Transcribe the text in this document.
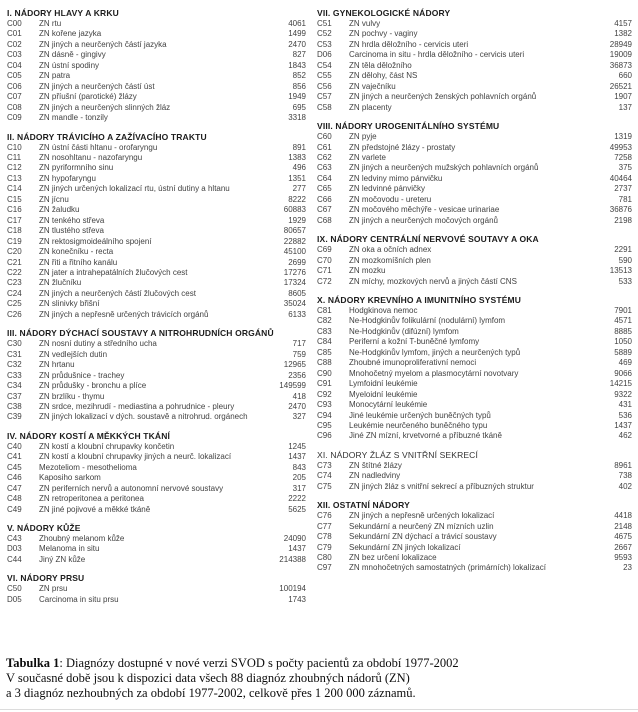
I. NÁDORY HLAVY A KRKU
C00	ZN rtu	4061
C01	ZN kořene jazyka	1499
C02	ZN jiných a neurčených částí jazyka	2470
C03	ZN dásně - gingivy	827
C04	ZN ústní spodiny	1843
C05	ZN patra	852
C06	ZN jiných a neurčených částí úst	856
C07	ZN příušní (parotické) žlázy	1949
C08	ZN jiných a neurčených slinných žláz	695
C09	ZN mandle - tonzily	3318
II. NÁDORY TRÁVICÍHO A ZAŽÍVACÍHO TRAKTU
C10	ZN ústní části hltanu - orofaryngu	891
C11	ZN nosohltanu - nazofaryngu	1383
C12	ZN pyriformního sinu	496
C13	ZN hypofaryngu	1351
C14	ZN jiných určených lokalizací rtu, ústní dutiny a hltanu	277
C15	ZN jícnu	8222
C16	ZN žaludku	60883
C17	ZN tenkého střeva	1929
C18	ZN tlustého střeva	80657
C19	ZN rektosigmoideálního spojení	22882
C20	ZN konečníku - recta	45100
C21	ZN řiti a řitního kanálu	2699
C22	ZN jater a intrahepatálních žlučových cest	17276
C23	ZN žlučníku	17324
C24	ZN jiných a neurčených částí žlučových cest	8605
C25	ZN slinivky břišní	35024
C26	ZN jiných a nepřesně určených trávicích orgánů	6133
III. NÁDORY DÝCHACÍ SOUSTAVY A NITROHRUDNÍCH ORGÁNŮ
C30	ZN nosní dutiny a středního ucha	717
C31	ZN vedlejších dutin	759
C32	ZN hrtanu	12965
C33	ZN průdušnice - trachey	2356
C34	ZN průdušky - bronchu a plíce	149599
C37	ZN brzlíku - thymu	418
C38	ZN srdce, mezihrudí - mediastina a pohrudnice - pleury	2470
C39	ZN jiných lokalizací v dých. soustavě a nitrohrud. orgánech	327
IV. NÁDORY KOSTÍ A MĚKKÝCH TKÁNÍ
C40	ZN kostí a kloubní chrupavky končetin	1245
C41	ZN kostí a kloubní chrupavky jiných a neurč. lokalizací	1437
C45	Mezoteliom - mesothelioma	843
C46	Kaposiho sarkom	205
C47	ZN periferních nervů a autonomní nervové soustavy	317
C48	ZN retroperitonea a peritonea	2222
C49	ZN jiné pojivové a měkké tkáně	5625
V. NÁDORY KŮŽE
C43	Zhoubný melanom kůže	24090
D03	Melanoma in situ	1437
C44	Jiný ZN kůže	214388
VI. NÁDORY PRSU
C50	ZN prsu	100194
D05	Carcinoma in situ prsu	1743
VII. GYNEKOLOGICKÉ NÁDORY
C51	ZN vulvy	4157
C52	ZN pochvy - vaginy	1382
C53	ZN hrdla děložního - cervicis uteri	28949
D06	Carcinoma in situ - hrdla děložního - cervicis uteri	19009
C54	ZN těla děložního	36873
C55	ZN dělohy, část NS	660
C56	ZN vaječníku	26521
C57	ZN jiných a neurčených ženských pohlavních orgánů	1907
C58	ZN placenty	137
VIII. NÁDORY UROGENITÁLNÍHO SYSTÉMU
C60	ZN pyje	1319
C61	ZN předstojné žlázy - prostaty	49953
C62	ZN varlete	7258
C63	ZN jiných a neurčených mužských pohlavních orgánů	375
C64	ZN ledviny mimo pánvičku	40464
C65	ZN ledvinné pánvičky	2737
C66	ZN močovodu - ureteru	781
C67	ZN močového měchýře - vesicae urinariae	36876
C68	ZN jiných a neurčených močových orgánů	2198
IX. NÁDORY CENTRÁLNÍ NERVOVÉ SOUTAVY A OKA
C69	ZN oka a očních adnex	2291
C70	ZN mozkomíšních plen	590
C71	ZN mozku	13513
C72	ZN míchy, mozkových nervů a jiných částí CNS	533
X. NÁDORY KREVNÍHO A IMUNITNÍHO SYSTÉMU
C81	Hodgkinova nemoc	7901
C82	Ne-Hodgkinův folikulární (nodulární) lymfom	4571
C83	Ne-Hodgkinův (difúzní) lymfom	8885
C84	Periferní a kožní T-buněčné lymfomy	1050
C85	Ne-Hodgkinův lymfom, jiných a neurčených typů	5889
C88	Zhoubné imunoproliferativní nemoci	469
C90	Mnohočetný myelom a plasmocytární novotvary	9066
C91	Lymfoidní leukémie	14215
C92	Myeloidní leukémie	9322
C93	Monocytární leukémie	431
C94	Jiné leukémie určených buněčných typů	536
C95	Leukémie neurčeného buněčného typu	1437
C96	Jiné ZN mízní, krvetvorné a příbuzné tkáně	462
XI. NÁDORY ŽLÁZ S VNITŘNÍ SEKRECÍ
C73	ZN štítné žlázy	8961
C74	ZN nadledviny	738
C75	ZN jiných žláz s vnitřní sekrecí a příbuzných struktur	402
XII. OSTATNÍ NÁDORY
C76	ZN jiných a nepřesně určených lokalizací	4418
C77	Sekundární a neurčený ZN mízních uzlin	2148
C78	Sekundární ZN dýchací a trávicí soustavy	4675
C79	Sekundární ZN jiných lokalizací	2667
C80	ZN bez určení lokalizace	9593
C97	ZN mnohočetných samostatných (primárních) lokalizací	23
Tabulka 1: Diagnózy dostupné v nové verzi SVOD s počty pacientů za období 1977-2002
V současné době jsou k dispozici data všech 88 diagnóz zhoubných nádorů (ZN)
a 3 diagnóz nezhoubných za období 1977-2002, celkově přes 1 200 000 záznamů.
